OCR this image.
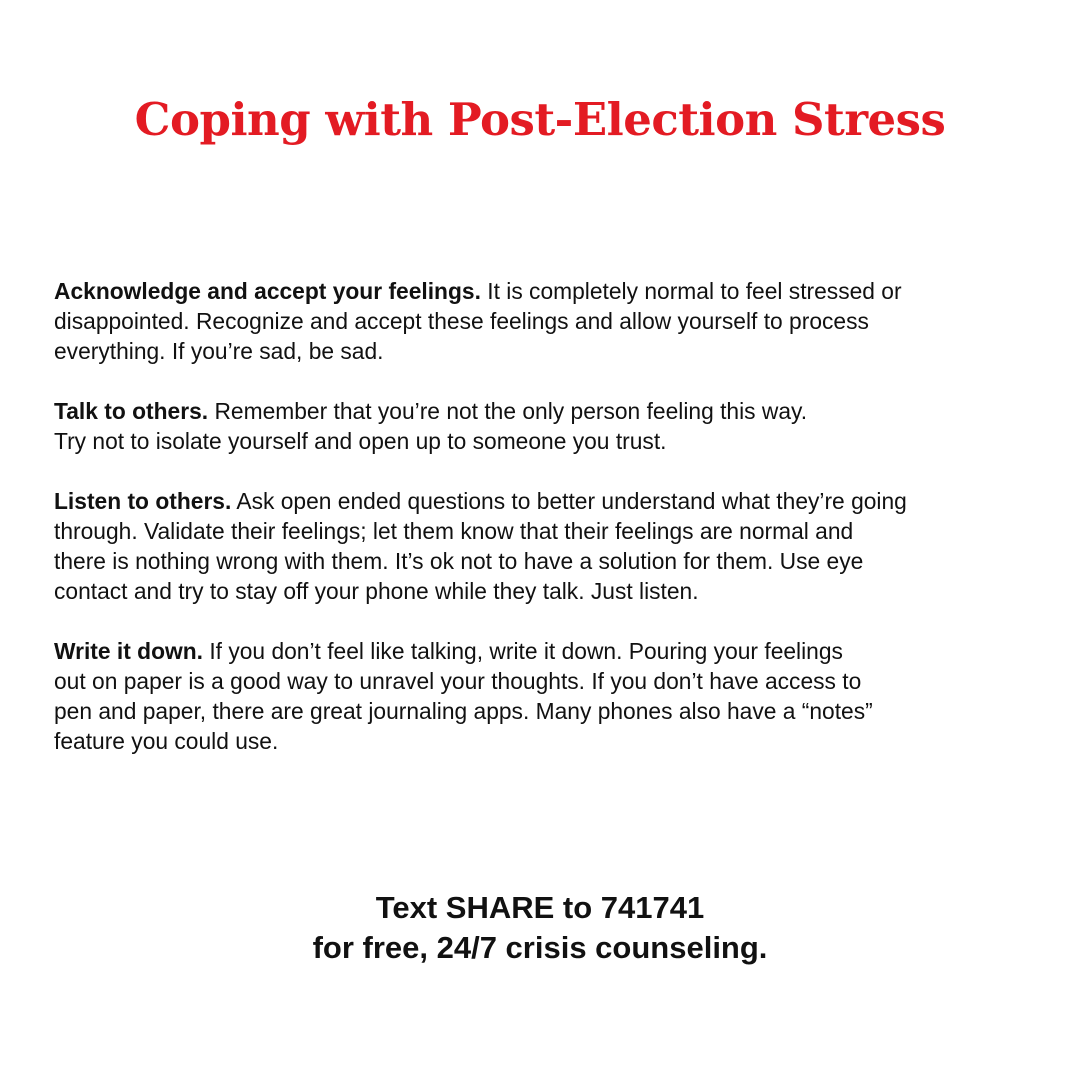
Coping with Post-Election Stress

Acknowledge and accept your feelings. It is completely normal to feel stressed or
disappointed. Recognize and accept these feelings and allow yourself to process
everything. If you’re sad, be sad.

Talk to others. Remember that you’re not the only person feeling this way.
Try not to isolate yourself and open up to someone you trust.

Listen to others. Ask open ended questions to better understand what they’re going
through. Validate their feelings; let them know that their feelings are normal and
there is nothing wrong with them. It’s ok not to have a solution for them. Use eye
contact and try to stay off your phone while they talk. Just listen.

Write it down. If you don’t feel like talking, write it down. Pouring your feelings
out on paper is a good way to unravel your thoughts. If you don’t have access to
pen and paper, there are great journaling apps. Many phones also have a “notes”
feature you could use.

Text SHARE to 741741
for free, 24/7 crisis counseling.
